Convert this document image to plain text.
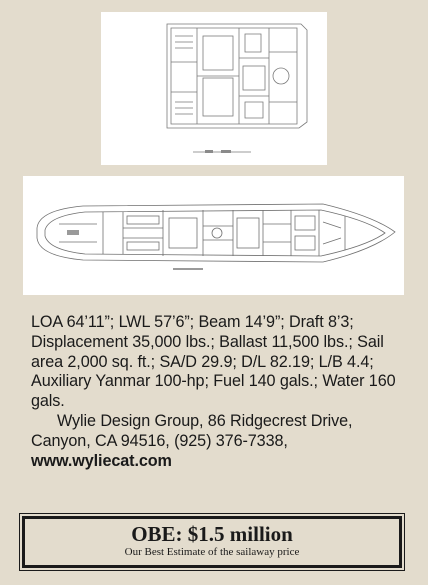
LOA 64’11”; LWL 57’6”; Beam 14’9”; Draft 8’3; Displacement 35,000 lbs.; Ballast 11,500 lbs.; Sail area 2,000 sq. ft.; SA/D 29.9; D/L 82.19; L/B 4.4; Auxiliary Yanmar 100-hp; Fuel 140 gals.; Water 160 gals.

Wylie Design Group, 86 Ridgecrest Drive, Canyon, CA 94516, (925) 376-7338,

www.wyliecat.com

OBE: $1.5 million
Our Best Estimate of the sailaway price
